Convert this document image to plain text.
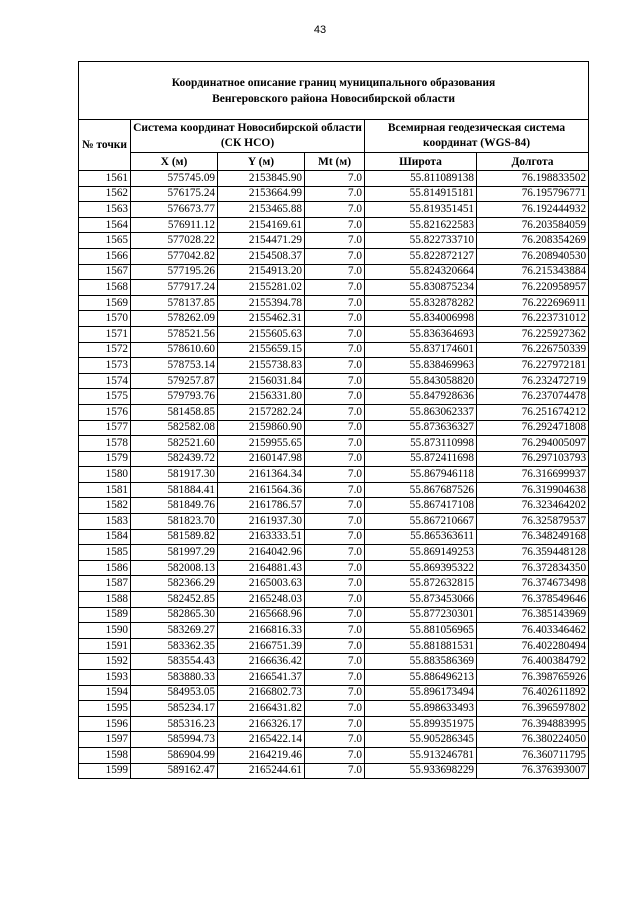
43
Координатное описание границ муниципального образования
Венгеровского района Новосибирской области					

№ точки	Система координат Новосибирской области (СК НСО)			Всемирная геодезическая система координат (WGS-84)	
	X (м)	Y (м)	Mt (м)	Широта	Долгота
1561	575745.09	2153845.90	7.0	55.811089138	76.198833502
1562	576175.24	2153664.99	7.0	55.814915181	76.195796771
1563	576673.77	2153465.88	7.0	55.819351451	76.192444932
1564	576911.12	2154169.61	7.0	55.821622583	76.203584059
1565	577028.22	2154471.29	7.0	55.822733710	76.208354269
1566	577042.82	2154508.37	7.0	55.822872127	76.208940530
1567	577195.26	2154913.20	7.0	55.824320664	76.215343884
1568	577917.24	2155281.02	7.0	55.830875234	76.220958957
1569	578137.85	2155394.78	7.0	55.832878282	76.222696911
1570	578262.09	2155462.31	7.0	55.834006998	76.223731012
1571	578521.56	2155605.63	7.0	55.836364693	76.225927362
1572	578610.60	2155659.15	7.0	55.837174601	76.226750339
1573	578753.14	2155738.83	7.0	55.838469963	76.227972181
1574	579257.87	2156031.84	7.0	55.843058820	76.232472719
1575	579793.76	2156331.80	7.0	55.847928636	76.237074478
1576	581458.85	2157282.24	7.0	55.863062337	76.251674212
1577	582582.08	2159860.90	7.0	55.873636327	76.292471808
1578	582521.60	2159955.65	7.0	55.873110998	76.294005097
1579	582439.72	2160147.98	7.0	55.872411698	76.297103793
1580	581917.30	2161364.34	7.0	55.867946118	76.316699937
1581	581884.41	2161564.36	7.0	55.867687526	76.319904638
1582	581849.76	2161786.57	7.0	55.867417108	76.323464202
1583	581823.70	2161937.30	7.0	55.867210667	76.325879537
1584	581589.82	2163333.51	7.0	55.865363611	76.348249168
1585	581997.29	2164042.96	7.0	55.869149253	76.359448128
1586	582008.13	2164881.43	7.0	55.869395322	76.372834350
1587	582366.29	2165003.63	7.0	55.872632815	76.374673498
1588	582452.85	2165248.03	7.0	55.873453066	76.378549646
1589	582865.30	2165668.96	7.0	55.877230301	76.385143969
1590	583269.27	2166816.33	7.0	55.881056965	76.403346462
1591	583362.35	2166751.39	7.0	55.881881531	76.402280494
1592	583554.43	2166636.42	7.0	55.883586369	76.400384792
1593	583880.33	2166541.37	7.0	55.886496213	76.398765926
1594	584953.05	2166802.73	7.0	55.896173494	76.402611892
1595	585234.17	2166431.82	7.0	55.898633493	76.396597802
1596	585316.23	2166326.17	7.0	55.899351975	76.394883995
1597	585994.73	2165422.14	7.0	55.905286345	76.380224050
1598	586904.99	2164219.46	7.0	55.913246781	76.360711795
1599	589162.47	2165244.61	7.0	55.933698229	76.376393007
